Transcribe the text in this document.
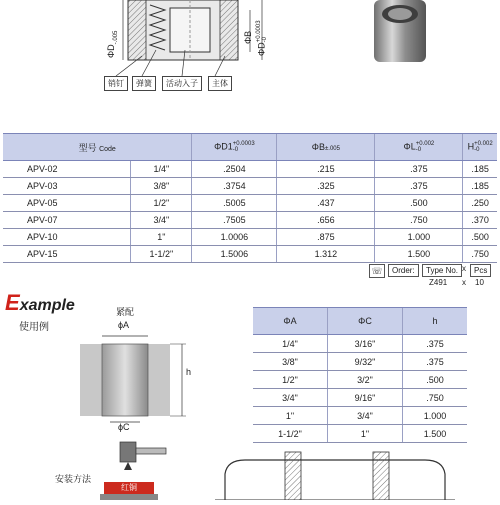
$\Phi D_{-.005}$	ΦB
ΦD+0.0003
-0
销钉	弹簧	活动入子	主体
型号 Code		ΦD1+0.0003
-0	ΦB±.005	ΦL+0.002
-0	H+0.002
-0
APV-02	1/4"	.2504	.215	.375	.185
APV-03	3/8"	.3754	.325	.375	.185
APV-05	1/2"	.5005	.437	.500	.250
APV-07	3/4"	.7505	.656	.750	.370
APV-10	1"	1.0006	.875	1.000	.500
APV-15	1-1/2"	1.5006	1.312	1.500	.750
☏	Order:	Type No. x	Pcs
Z491 x 10
Example
使用例
紧配
ϕA
h
ϕC
安装方法
红铜
ΦA	ΦC	h
1/4"	3/16"	.375
3/8"	9/32"	.375
1/2"	3/2"	.500
3/4"	9/16"	.750
1"	3/4"	1.000
1-1/2"	1"	1.500
